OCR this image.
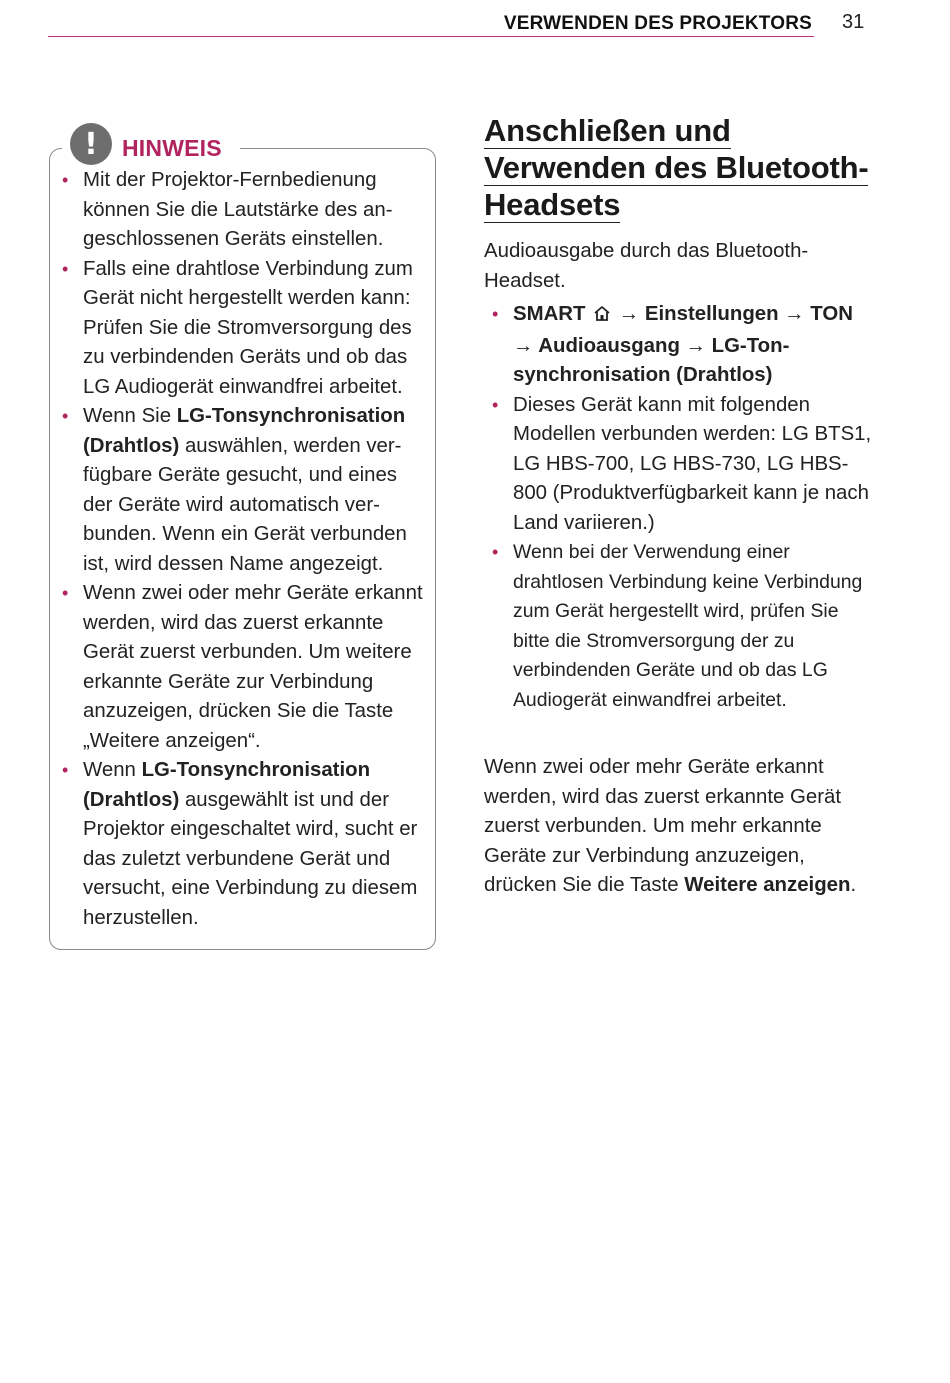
VERWENDEN DES PROJEKTORS 31
!	HINWEIS
• Mit der Projektor-Fernbedienung können Sie die Lautstärke des angeschlossenen Geräts einstellen.
• Falls eine drahtlose Verbindung zum Gerät nicht hergestellt werden kann: Prüfen Sie die Stromversorgung des zu verbindenden Geräts und ob das LG Audiogerät einwandfrei arbeitet.
• Wenn Sie LG-Tonsynchronisation (Drahtlos) auswählen, werden verfügbare Geräte gesucht, und eines der Geräte wird automatisch verbunden. Wenn ein Gerät verbunden ist, wird dessen Name angezeigt.
• Wenn zwei oder mehr Geräte erkannt werden, wird das zuerst erkannte Gerät zuerst verbunden. Um weitere erkannte Geräte zur Verbindung anzuzeigen, drücken Sie die Taste „Weitere anzeigen“.
• Wenn LG-Tonsynchronisation (Drahtlos) ausgewählt ist und der Projektor eingeschaltet wird, sucht er das zuletzt verbundene Gerät und versucht, eine Verbindung zu diesem herzustellen.
Anschließen und
Verwenden des Bluetooth-
Headsets

Audioausgabe durch das Bluetooth-Headset.

• SMART → Einstellungen → TON → Audioausgang → LG-Tonsynchronisation (Drahtlos)
• Dieses Gerät kann mit folgenden Modellen verbunden werden: LG BTS1, LG HBS-700, LG HBS-730, LG HBS-800 (Produktverfügbarkeit kann je nach Land variieren.)
• Wenn bei der Verwendung einer drahtlosen Verbindung keine Verbindung zum Gerät hergestellt wird, prüfen Sie bitte die Stromversorgung der zu verbindenden Geräte und ob das LG Audiogerät einwandfrei arbeitet.

Wenn zwei oder mehr Geräte erkannt werden, wird das zuerst erkannte Gerät zuerst verbunden. Um mehr erkannte Geräte zur Verbindung anzuzeigen, drücken Sie die Taste Weitere anzeigen.
